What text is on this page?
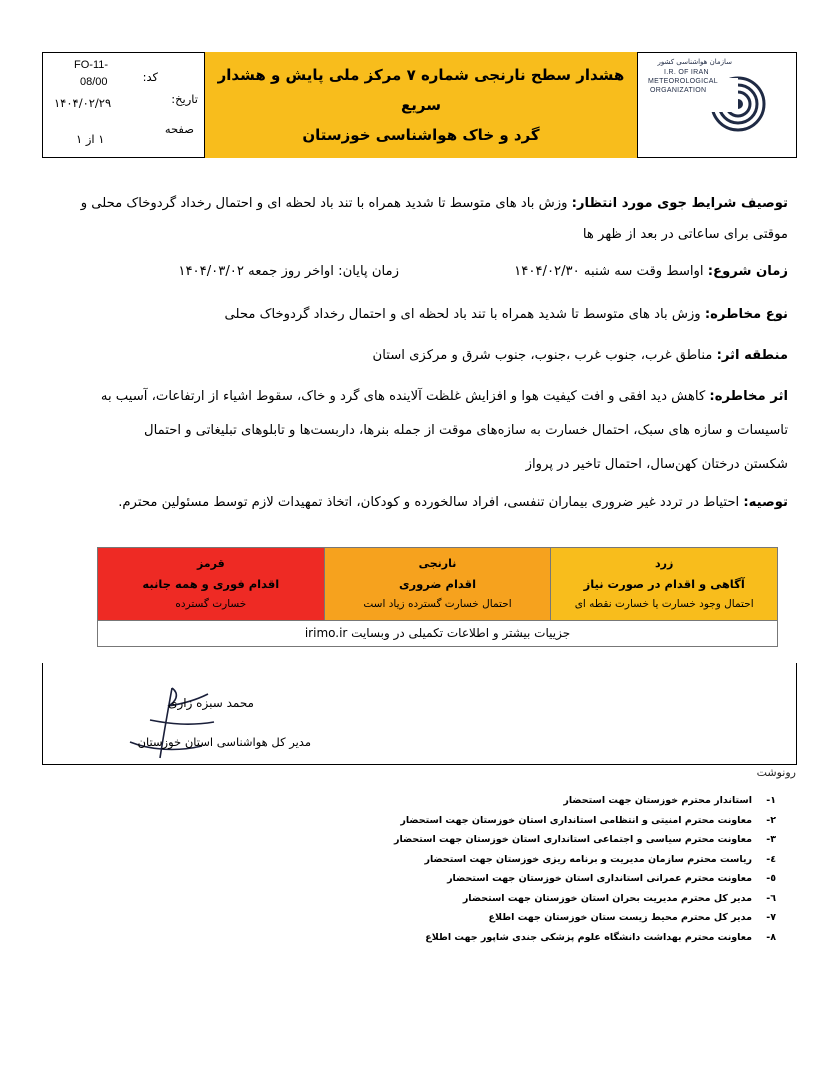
سازمان هواشناسی کشور
I.R. OF IRAN
METEOROLOGICAL
ORGANIZATION
هشدار سطح نارنجی شماره ۷ مرکز ملی پایش و هشدار سریع
گرد و خاک هواشناسی خوزستان
کد:
FO-11-
08/00
تاریخ:
۱۴۰۴/۰۲/۲۹
صفحه
۱ از ۱
توصیف شرایط جوی مورد انتظار: وزش باد های متوسط تا شدید همراه با تند باد لحظه ای و احتمال رخداد گردوخاک محلی و
موقتی برای ساعاتی در بعد از ظهر ها
زمان شروع: اواسط وقت سه شنبه ۱۴۰۴/۰۲/۳۰
زمان پایان: اواخر روز جمعه ۱۴۰۴/۰۳/۰۲
نوع مخاطره: وزش باد های متوسط تا شدید همراه با تند باد لحظه ای و احتمال رخداد گردوخاک محلی
منطقه اثر: مناطق غرب، جنوب غرب ،جنوب، جنوب شرق و مرکزی استان
اثر مخاطره: کاهش دید افقی و افت کیفیت هوا و افزایش غلظت آلاینده های گرد و خاک، سقوط اشیاء از ارتفاعات، آسیب به
تاسیسات و سازه های سبک، احتمال خسارت به سازه‌های موقت از جمله بنرها، داربست‌ها و تابلوهای تبلیغاتی و احتمال
شکستن درختان کهن‌سال، احتمال تاخیر در پرواز
توصیه: احتیاط در تردد غیر ضروری بیماران تنفسی، افراد سالخورده و کودکان، اتخاذ تمهیدات لازم توسط مسئولین محترم.
زرد
آگاهی و اقدام در صورت نیاز
احتمال وجود خسارت یا خسارت نقطه ای
نارنجی
اقدام ضروری
احتمال خسارت گسترده زیاد است
قرمز
اقدام فوری و همه جانبه
خسارت گسترده
جزییات بیشتر و اطلاعات تکمیلی در وبسایت irimo.ir
محمد سبزه زاری
مدیر کل هواشناسی استان خوزستان
رونوشت
۱-استاندار محترم خوزستان جهت استحضار
۲-معاونت محترم امنیتی و انتظامی استانداری استان خوزستان جهت استحضار
۳-معاونت محترم سیاسی و اجتماعی استانداری استان خوزستان جهت استحضار
٤-ریاست محترم سازمان مدیریت و برنامه ریزی خوزستان جهت استحضار
٥-معاونت محترم عمرانی استانداری استان خوزستان جهت استحضار
٦-مدیر کل محترم مدیریت بحران استان خوزستان جهت استحضار
۷-مدیر کل محترم محیط زیست ستان خوزستان جهت اطلاع
۸-معاونت محترم بهداشت دانشگاه علوم پزشکی جندی شاپور جهت اطلاع
